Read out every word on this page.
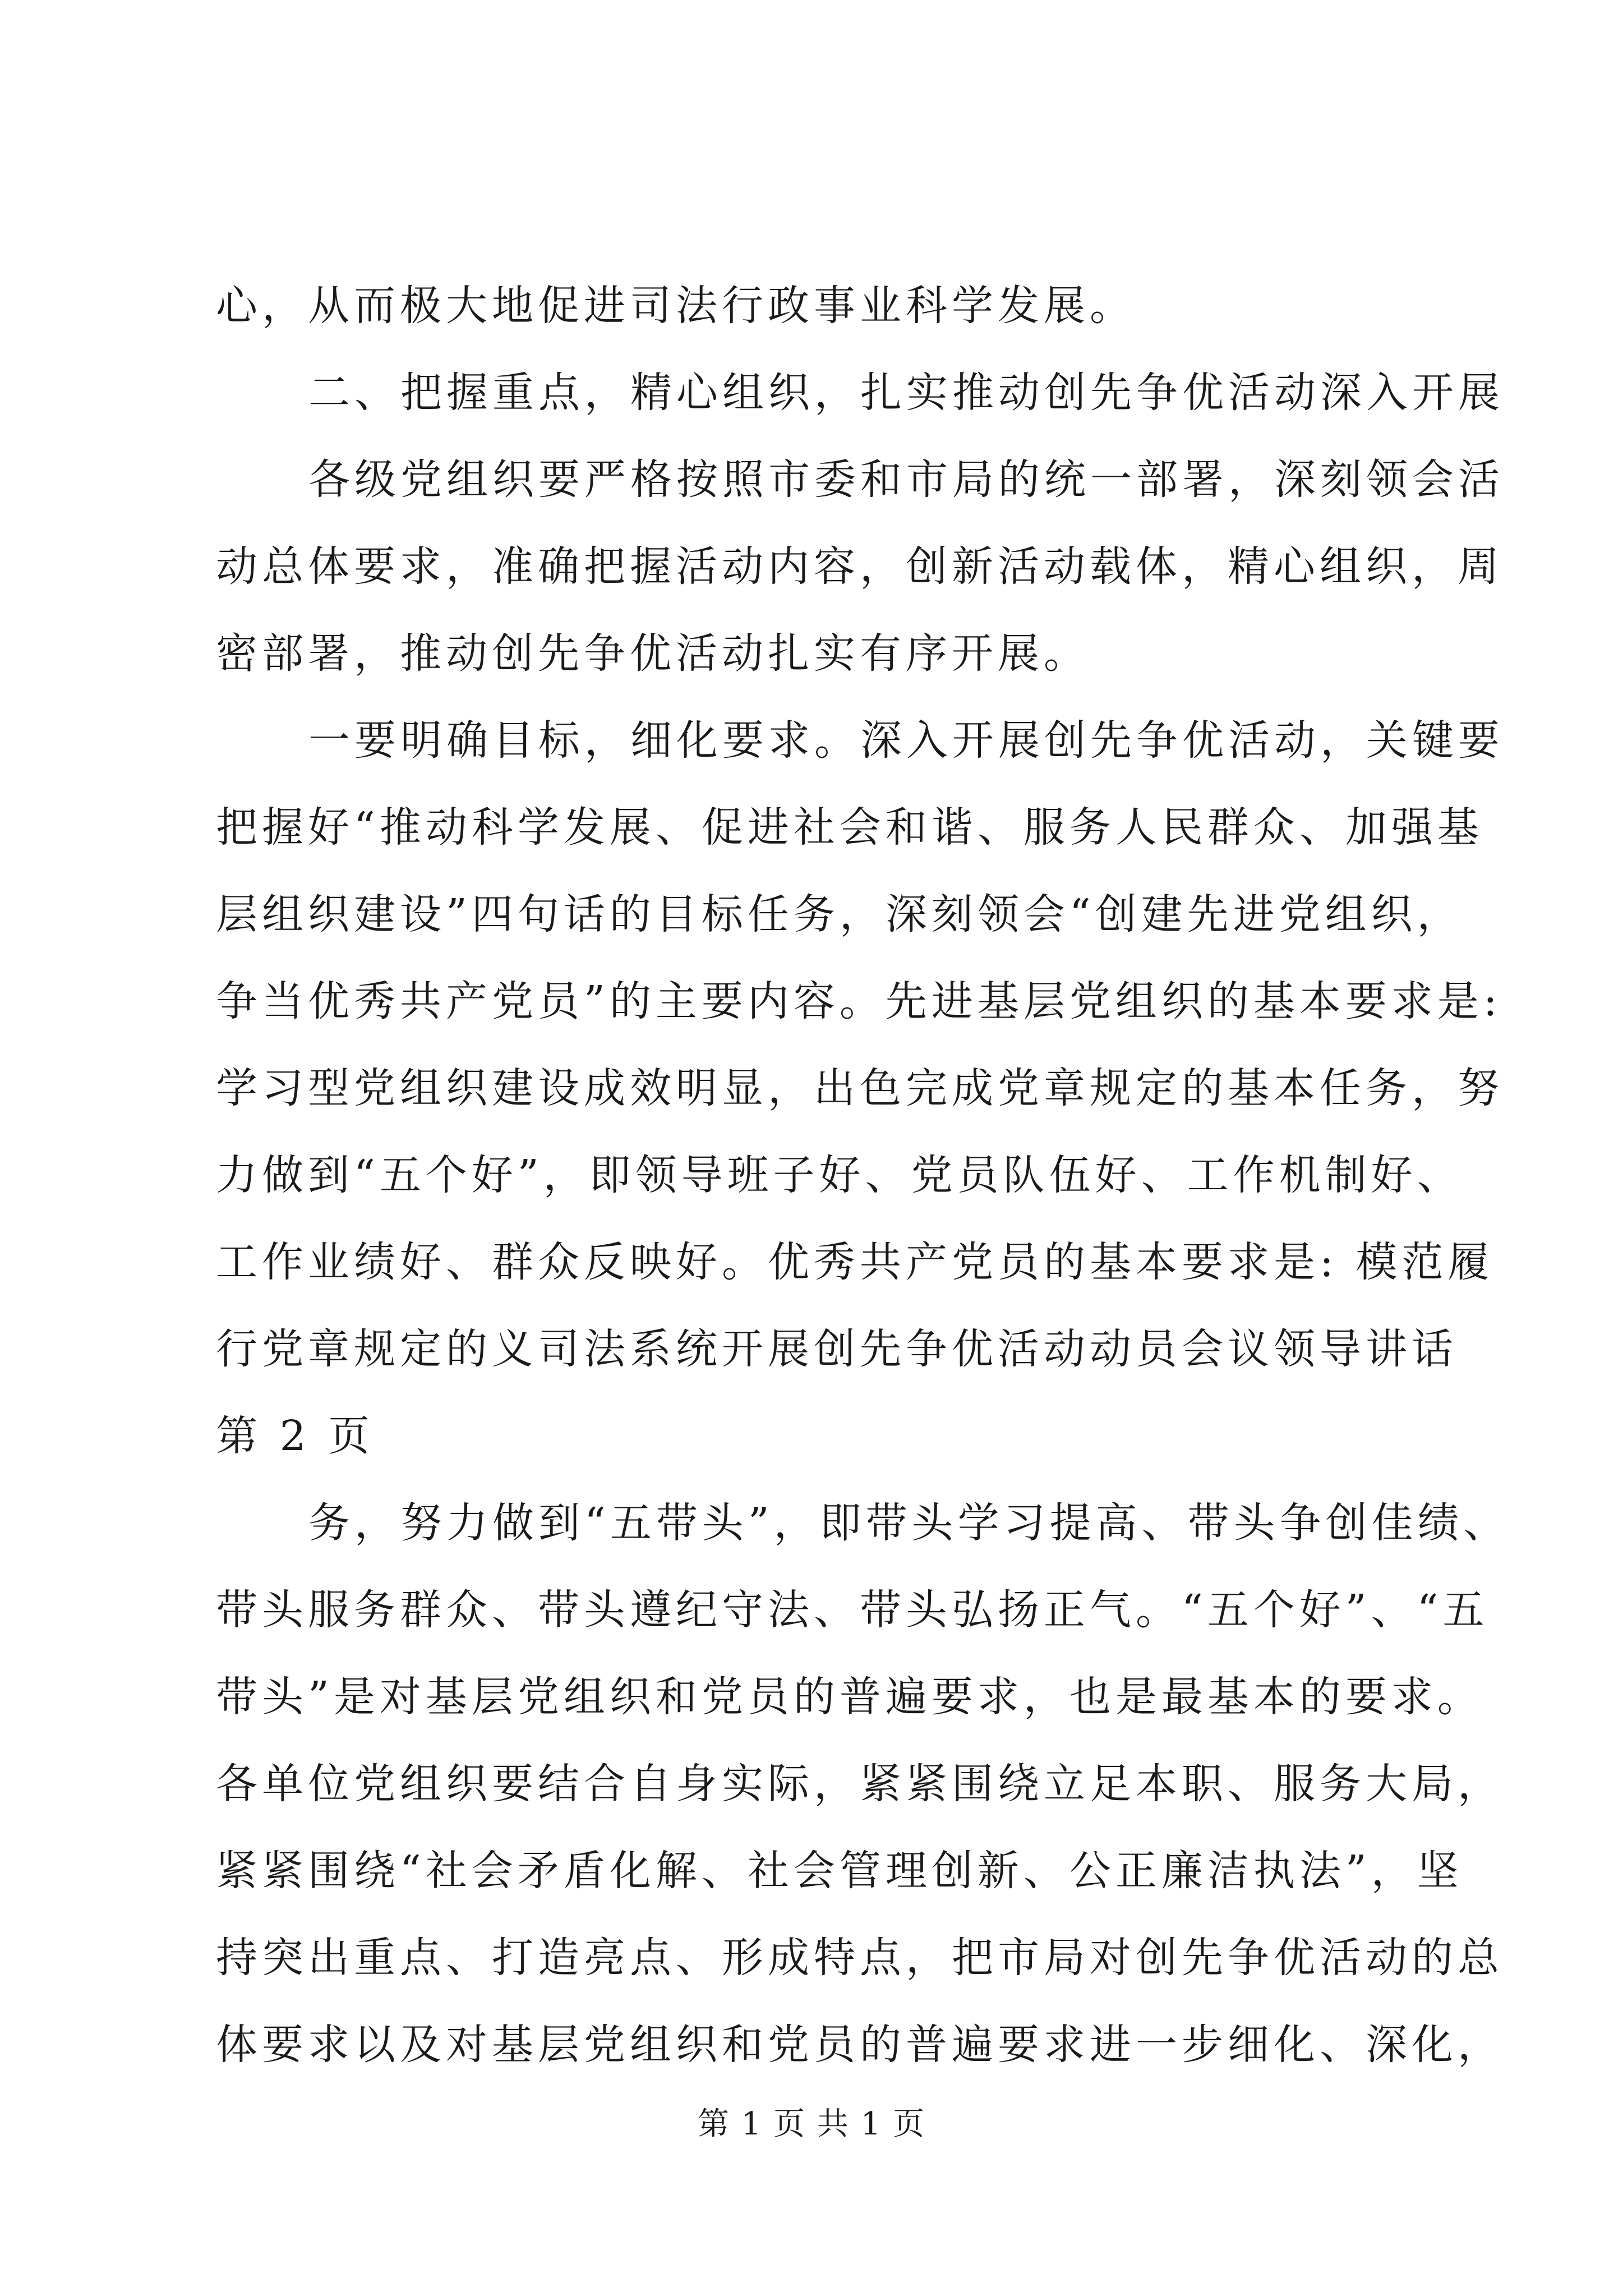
心，从而极大地促进司法行政事业科学发展。
二、把握重点，精心组织，扎实推动创先争优活动深入开展
各级党组织要严格按照市委和市局的统一部署，深刻领会活
动总体要求，准确把握活动内容，创新活动载体，精心组织，周
密部署，推动创先争优活动扎实有序开展。
一要明确目标，细化要求。深入开展创先争优活动，关键要
把握好“推动科学发展、促进社会和谐、服务人民群众、加强基
层组织建设”四句话的目标任务，深刻领会“创建先进党组织，
争当优秀共产党员”的主要内容。先进基层党组织的基本要求是:
学习型党组织建设成效明显，出色完成党章规定的基本任务，努
力做到“五个好”，即领导班子好、党员队伍好、工作机制好、
工作业绩好、群众反映好。优秀共产党员的基本要求是: 模范履
行党章规定的义司法系统开展创先争优活动动员会议领导讲话
第 2 页
务，努力做到“五带头”，即带头学习提高、带头争创佳绩、
带头服务群众、带头遵纪守法、带头弘扬正气。“五个好”、“五
带头”是对基层党组织和党员的普遍要求，也是最基本的要求。
各单位党组织要结合自身实际，紧紧围绕立足本职、服务大局，
紧紧围绕“社会矛盾化解、社会管理创新、公正廉洁执法”，坚
持突出重点、打造亮点、形成特点，把市局对创先争优活动的总
体要求以及对基层党组织和党员的普遍要求进一步细化、深化，
第 1 页 共 1 页
